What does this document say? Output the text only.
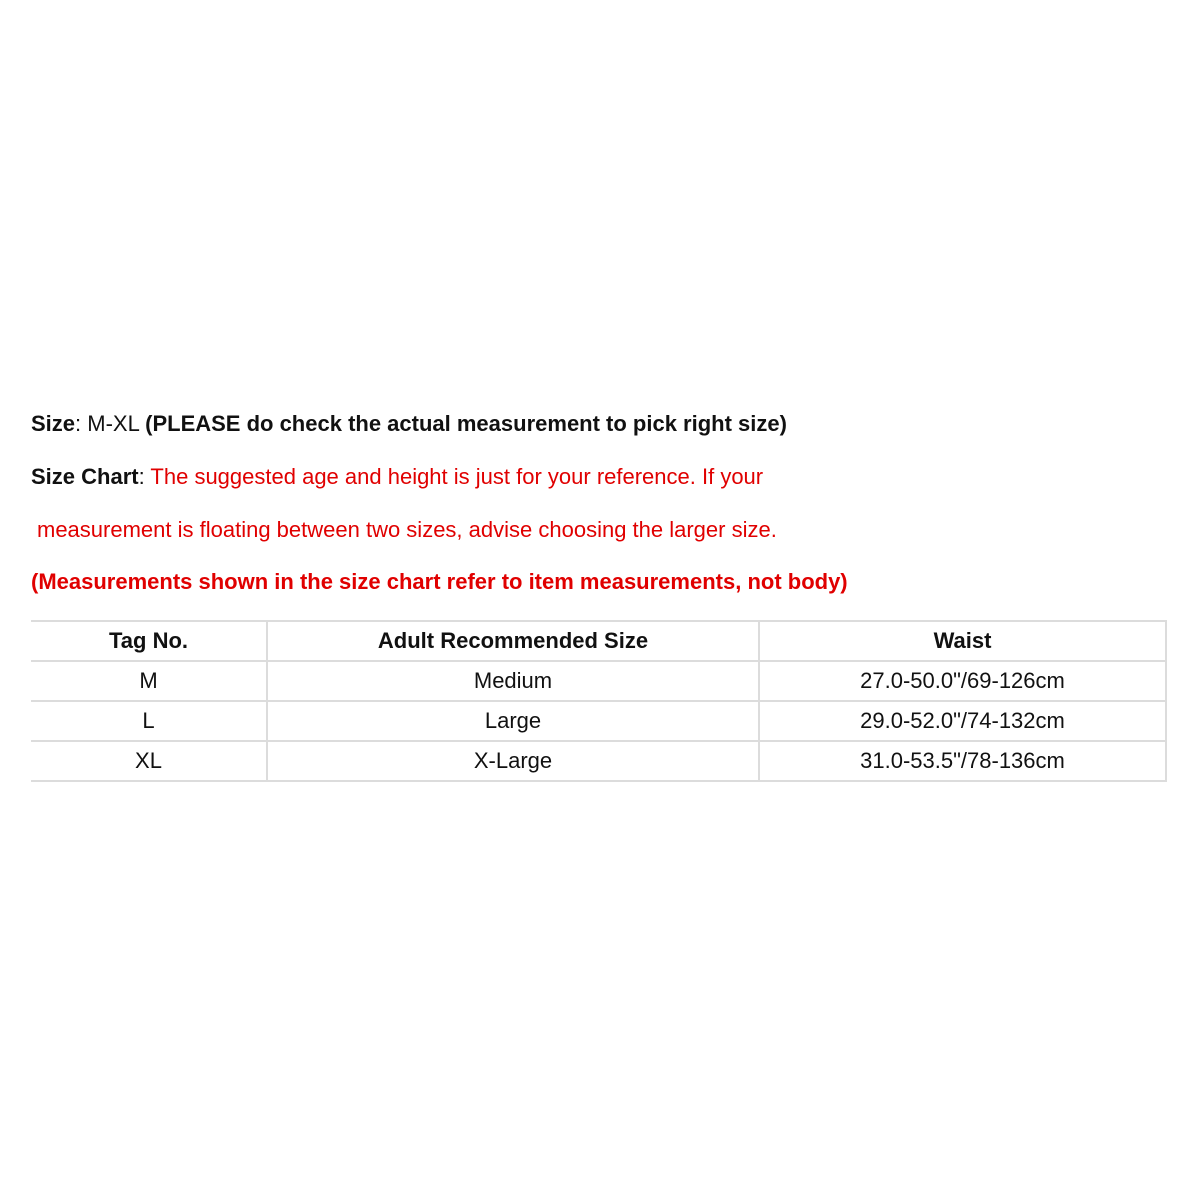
Size: M-XL (PLEASE do check the actual measurement to pick right size)
Size Chart: The suggested age and height is just for your reference. If your
measurement is floating between two sizes, advise choosing the larger size.
(Measurements shown in the size chart refer to item measurements, not body)
Tag No.	Adult Recommended Size	Waist
M	Medium	27.0-50.0"/69-126cm
L	Large	29.0-52.0"/74-132cm
XL	X-Large	31.0-53.5"/78-136cm
